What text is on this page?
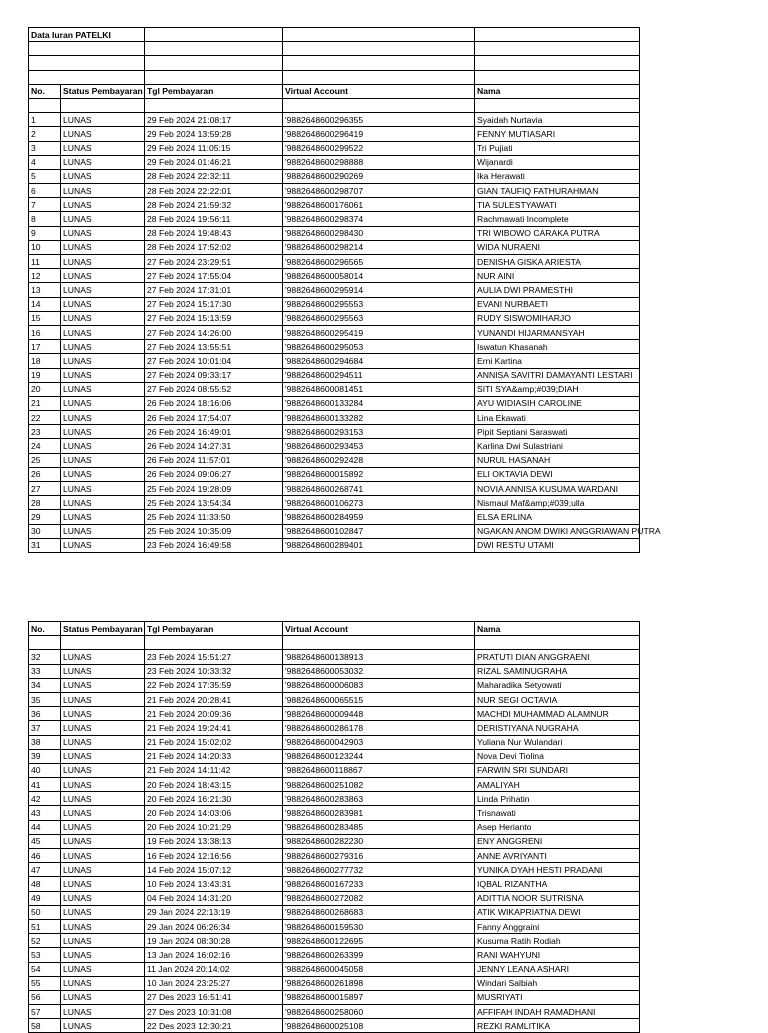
Data Iuran PATELKI				

No.	Status Pembayaran	Tgl Pembayaran	Virtual Account	Nama

1	LUNAS	29 Feb 2024 21:08:17	'9882648600296355	Syaidah Nurtavia
2	LUNAS	29 Feb 2024 13:59:28	'9882648600296419	FENNY MUTIASARI
3	LUNAS	29 Feb 2024 11:05:15	'9882648600299522	Tri Pujiati
4	LUNAS	29 Feb 2024 01:46:21	'9882648600298888	Wijanardi
5	LUNAS	28 Feb 2024 22:32:11	'9882648600290269	Ika Herawati
6	LUNAS	28 Feb 2024 22:22:01	'9882648600298707	GIAN TAUFIQ FATHURAHMAN
7	LUNAS	28 Feb 2024 21:59:32	'9882648600176061	TIA SULESTYAWATI
8	LUNAS	28 Feb 2024 19:56:11	'9882648600298374	Rachmawati Incomplete
9	LUNAS	28 Feb 2024 19:48:43	'9882648600298430	TRI WIBOWO CARAKA PUTRA
10	LUNAS	28 Feb 2024 17:52:02	'9882648600298214	WIDA NURAENI
11	LUNAS	27 Feb 2024 23:29:51	'9882648600296565	DENISHA GISKA ARIESTA
12	LUNAS	27 Feb 2024 17:55:04	'9882648600058014	NUR AINI
13	LUNAS	27 Feb 2024 17:31:01	'9882648600295914	AULIA DWI PRAMESTHI
14	LUNAS	27 Feb 2024 15:17:30	'9882648600295553	EVANI NURBAETI
15	LUNAS	27 Feb 2024 15:13:59	'9882648600295563	RUDY SISWOMIHARJO
16	LUNAS	27 Feb 2024 14:26:00	'9882648600295419	YUNANDI HIJARMANSYAH
17	LUNAS	27 Feb 2024 13:55:51	'9882648600295053	Iswatun Khasanah
18	LUNAS	27 Feb 2024 10:01:04	'9882648600294684	Erni Kartina
19	LUNAS	27 Feb 2024 09:33:17	'9882648600294511	ANNISA SAVITRI DAMAYANTI LESTARI
20	LUNAS	27 Feb 2024 08:55:52	'9882648600081451	SITI SYA&amp;#039;DIAH
21	LUNAS	26 Feb 2024 18:16:06	'9882648600133284	AYU WIDIASIH CAROLINE
22	LUNAS	26 Feb 2024 17:54:07	'9882648600133282	Lina Ekawati
23	LUNAS	26 Feb 2024 16:49:01	'9882648600293153	Pipit Septiani Saraswati
24	LUNAS	26 Feb 2024 14:27:31	'9882648600293453	Karlina Dwi Sulastriani
25	LUNAS	26 Feb 2024 11:57:01	'9882648600292428	NURUL HASANAH
26	LUNAS	26 Feb 2024 09:06:27	'9882648600015892	ELI OKTAVIA DEWI
27	LUNAS	25 Feb 2024 19:28:09	'9882648600268741	NOVIA ANNISA KUSUMA WARDANI
28	LUNAS	25 Feb 2024 13:54:34	'9882648600106273	Nismaul Maf&amp;#039;ulla
29	LUNAS	25 Feb 2024 11:33:50	'9882648600284959	ELSA ERLINA
30	LUNAS	25 Feb 2024 10:35:09	'9882648600102847	NGAKAN ANOM DWIKI ANGGRIAWAN PUTRA
31	LUNAS	23 Feb 2024 16:49:58	'9882648600289401	DWI RESTU UTAMI
No.	Status Pembayaran	Tgl Pembayaran	Virtual Account	Nama

32	LUNAS	23 Feb 2024 15:51:27	'9882648600138913	PRATUTI DIAN ANGGRAENI
33	LUNAS	23 Feb 2024 10:33:32	'9882648600053032	RIZAL SAMINUGRAHA
34	LUNAS	22 Feb 2024 17:35:59	'9882648600006083	Maharadika Setyowati
35	LUNAS	21 Feb 2024 20:28:41	'9882648600065515	NUR SEGI OCTAVIA
36	LUNAS	21 Feb 2024 20:09:36	'9882648600009448	MACHDI MUHAMMAD ALAMNUR
37	LUNAS	21 Feb 2024 19:24:41	'9882648600286178	DERISTIYANA NUGRAHA
38	LUNAS	21 Feb 2024 15:02:02	'9882648600042903	Yuliana Nur Wulandari
39	LUNAS	21 Feb 2024 14:20:33	'9882648600123244	Nova Devi Tiolina
40	LUNAS	21 Feb 2024 14:11:42	'9882648600118867	FARWIN SRI SUNDARI
41	LUNAS	20 Feb 2024 18:43:15	'9882648600251082	AMALIYAH
42	LUNAS	20 Feb 2024 16:21:30	'9882648600283863	Linda Prihatin
43	LUNAS	20 Feb 2024 14:03:06	'9882648600283981	Trisnawati
44	LUNAS	20 Feb 2024 10:21:29	'9882648600283485	Asep Herianto
45	LUNAS	19 Feb 2024 13:38:13	'9882648600282230	ENY ANGGRENI
46	LUNAS	16 Feb 2024 12:16:56	'9882648600279316	ANNE AVRIYANTI
47	LUNAS	14 Feb 2024 15:07:12	'9882648600277732	YUNIKA DYAH HESTI PRADANI
48	LUNAS	10 Feb 2024 13:43:31	'9882648600167233	IQBAL RIZANTHA
49	LUNAS	04 Feb 2024 14:31:20	'9882648600272082	ADITTIA NOOR SUTRISNA
50	LUNAS	29 Jan 2024 22:13:19	'9882648600268683	ATIK WIKAPRIATNA DEWI
51	LUNAS	29 Jan 2024 06:26:34	'9882648600159530	Fanny Anggraini
52	LUNAS	19 Jan 2024 08:30:28	'9882648600122695	Kusuma Ratih Rodiah
53	LUNAS	13 Jan 2024 16:02:16	'9882648600263399	RANI WAHYUNI
54	LUNAS	11 Jan 2024 20:14:02	'9882648600045058	JENNY LEANA ASHARI
55	LUNAS	10 Jan 2024 23:25:27	'9882648600261898	Windari Salbiah
56	LUNAS	27 Des 2023 16:51:41	'9882648600015897	MUSRIYATI
57	LUNAS	27 Des 2023 10:31:08	'9882648600258060	AFFIFAH INDAH RAMADHANI
58	LUNAS	22 Des 2023 12:30:21	'9882648600025108	REZKI RAMLITIKA
